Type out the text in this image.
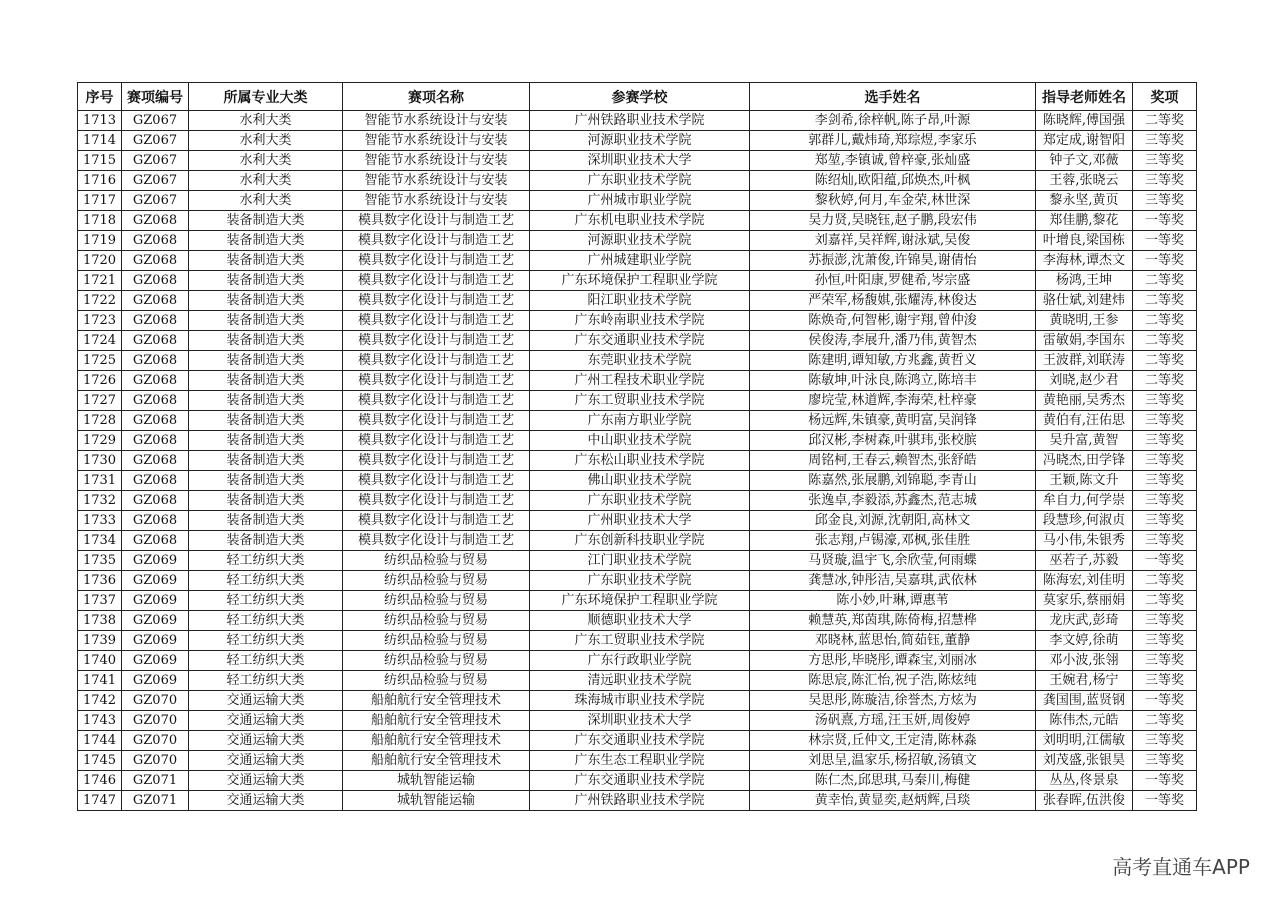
序号	赛项编号	所属专业大类	赛项名称	参赛学校	选手姓名	指导老师姓名	奖项
1713	GZ067	水利大类	智能节水系统设计与安装	广州铁路职业技术学院	李剑希,徐梓帆,陈子昂,叶源	陈晓辉,傅国强	二等奖
1714	GZ067	水利大类	智能节水系统设计与安装	河源职业技术学院	郭群儿,戴炜琦,郑琮煜,李家乐	郑定成,谢智阳	三等奖
1715	GZ067	水利大类	智能节水系统设计与安装	深圳职业技术大学	郑堃,李镇诚,曾梓豪,张灿盛	钟子文,邓薇	三等奖
1716	GZ067	水利大类	智能节水系统设计与安装	广东职业技术学院	陈绍灿,欧阳蕴,邱焕杰,叶枫	王蓉,张晓云	三等奖
1717	GZ067	水利大类	智能节水系统设计与安装	广州城市职业学院	黎秋婷,何月,车金荣,林世深	黎永坚,黄页	三等奖
1718	GZ068	装备制造大类	模具数字化设计与制造工艺	广东机电职业技术学院	吴力贤,吴晓钰,赵子鹏,段宏伟	郑佳鹏,黎花	一等奖
1719	GZ068	装备制造大类	模具数字化设计与制造工艺	河源职业技术学院	刘嘉祥,吴祥辉,谢泳斌,吴俊	叶增良,梁国栋	一等奖
1720	GZ068	装备制造大类	模具数字化设计与制造工艺	广州城建职业学院	苏振澎,沈萧俊,许锦昊,谢倩怡	李海林,谭杰文	一等奖
1721	GZ068	装备制造大类	模具数字化设计与制造工艺	广东环境保护工程职业学院	孙恒,叶阳康,罗健希,岑宗盛	杨鸿,王坤	二等奖
1722	GZ068	装备制造大类	模具数字化设计与制造工艺	阳江职业技术学院	严荣军,杨馥娸,张耀涛,林俊达	骆仕斌,刘建炜	二等奖
1723	GZ068	装备制造大类	模具数字化设计与制造工艺	广东岭南职业技术学院	陈焕奇,何智彬,谢宇翔,曾仲浚	黄晓明,王参	二等奖
1724	GZ068	装备制造大类	模具数字化设计与制造工艺	广东交通职业技术学院	侯俊涛,李展升,潘乃伟,黄智杰	雷敏娟,李国东	二等奖
1725	GZ068	装备制造大类	模具数字化设计与制造工艺	东莞职业技术学院	陈建明,谭知敏,方兆鑫,黄哲义	王波群,刘联涛	二等奖
1726	GZ068	装备制造大类	模具数字化设计与制造工艺	广州工程技术职业学院	陈敏坤,叶泳良,陈鸿立,陈培丰	刘晓,赵少君	二等奖
1727	GZ068	装备制造大类	模具数字化设计与制造工艺	广东工贸职业技术学院	廖垸莹,林道辉,李海荣,杜梓豪	黄艳丽,吴秀杰	三等奖
1728	GZ068	装备制造大类	模具数字化设计与制造工艺	广东南方职业学院	杨远辉,朱镇豪,黄明富,吴润锋	黄伯有,汪佑思	三等奖
1729	GZ068	装备制造大类	模具数字化设计与制造工艺	中山职业技术学院	邱汉彬,李树森,叶骐玮,张校膑	吴升富,黄智	三等奖
1730	GZ068	装备制造大类	模具数字化设计与制造工艺	广东松山职业技术学院	周铭柯,王春云,赖智杰,张舒皓	冯晓杰,田学锋	三等奖
1731	GZ068	装备制造大类	模具数字化设计与制造工艺	佛山职业技术学院	陈嘉然,张展鹏,刘锦聪,李青山	王颖,陈文升	三等奖
1732	GZ068	装备制造大类	模具数字化设计与制造工艺	广东职业技术学院	张逸卓,李毅添,苏鑫杰,范志城	牟自力,何学崇	三等奖
1733	GZ068	装备制造大类	模具数字化设计与制造工艺	广州职业技术大学	邱金良,刘源,沈朝阳,高林文	段慧珍,何淑贞	三等奖
1734	GZ068	装备制造大类	模具数字化设计与制造工艺	广东创新科技职业学院	张志翔,卢锡濠,邓枫,张佳胜	马小伟,朱银秀	三等奖
1735	GZ069	轻工纺织大类	纺织品检验与贸易	江门职业技术学院	马贤璇,温宇飞,余欣莹,何雨蝶	巫若子,苏毅	一等奖
1736	GZ069	轻工纺织大类	纺织品检验与贸易	广东职业技术学院	龚慧冰,钟彤洁,吴嘉琪,武依林	陈海宏,刘佳明	二等奖
1737	GZ069	轻工纺织大类	纺织品检验与贸易	广东环境保护工程职业学院	陈小妙,叶琳,谭惠苇	莫家乐,蔡丽娟	二等奖
1738	GZ069	轻工纺织大类	纺织品检验与贸易	顺德职业技术大学	赖慧英,郑茵琪,陈倚梅,招慧桦	龙庆武,彭琦	三等奖
1739	GZ069	轻工纺织大类	纺织品检验与贸易	广东工贸职业技术学院	邓晓林,蓝思怡,简茹钰,董静	李文婷,徐萌	三等奖
1740	GZ069	轻工纺织大类	纺织品检验与贸易	广东行政职业学院	方思彤,毕晓彤,谭森宝,刘丽冰	邓小波,张翎	三等奖
1741	GZ069	轻工纺织大类	纺织品检验与贸易	清远职业技术学院	陈思宸,陈汇怡,祝子浩,陈炫纯	王婉君,杨宁	三等奖
1742	GZ070	交通运输大类	船舶航行安全管理技术	珠海城市职业技术学院	吴思彤,陈璇洁,徐誉杰,方炫为	龚国围,蓝贤钢	一等奖
1743	GZ070	交通运输大类	船舶航行安全管理技术	深圳职业技术大学	汤矾熹,方瑶,汪玉妍,周俊婷	陈伟杰,元皓	二等奖
1744	GZ070	交通运输大类	船舶航行安全管理技术	广东交通职业技术学院	林宗贤,丘仲文,王定清,陈林淼	刘明明,江儒敏	三等奖
1745	GZ070	交通运输大类	船舶航行安全管理技术	广东生态工程职业学院	刘思呈,温家乐,杨招敏,汤镇文	刘茂盛,张银昊	三等奖
1746	GZ071	交通运输大类	城轨智能运输	广东交通职业技术学院	陈仁杰,邱思琪,马秦川,梅健	丛丛,佟景泉	一等奖
1747	GZ071	交通运输大类	城轨智能运输	广州铁路职业技术学院	黄幸怡,黄显奕,赵炳辉,吕琰	张春晖,伍洪俊	一等奖
高考直通车APP
